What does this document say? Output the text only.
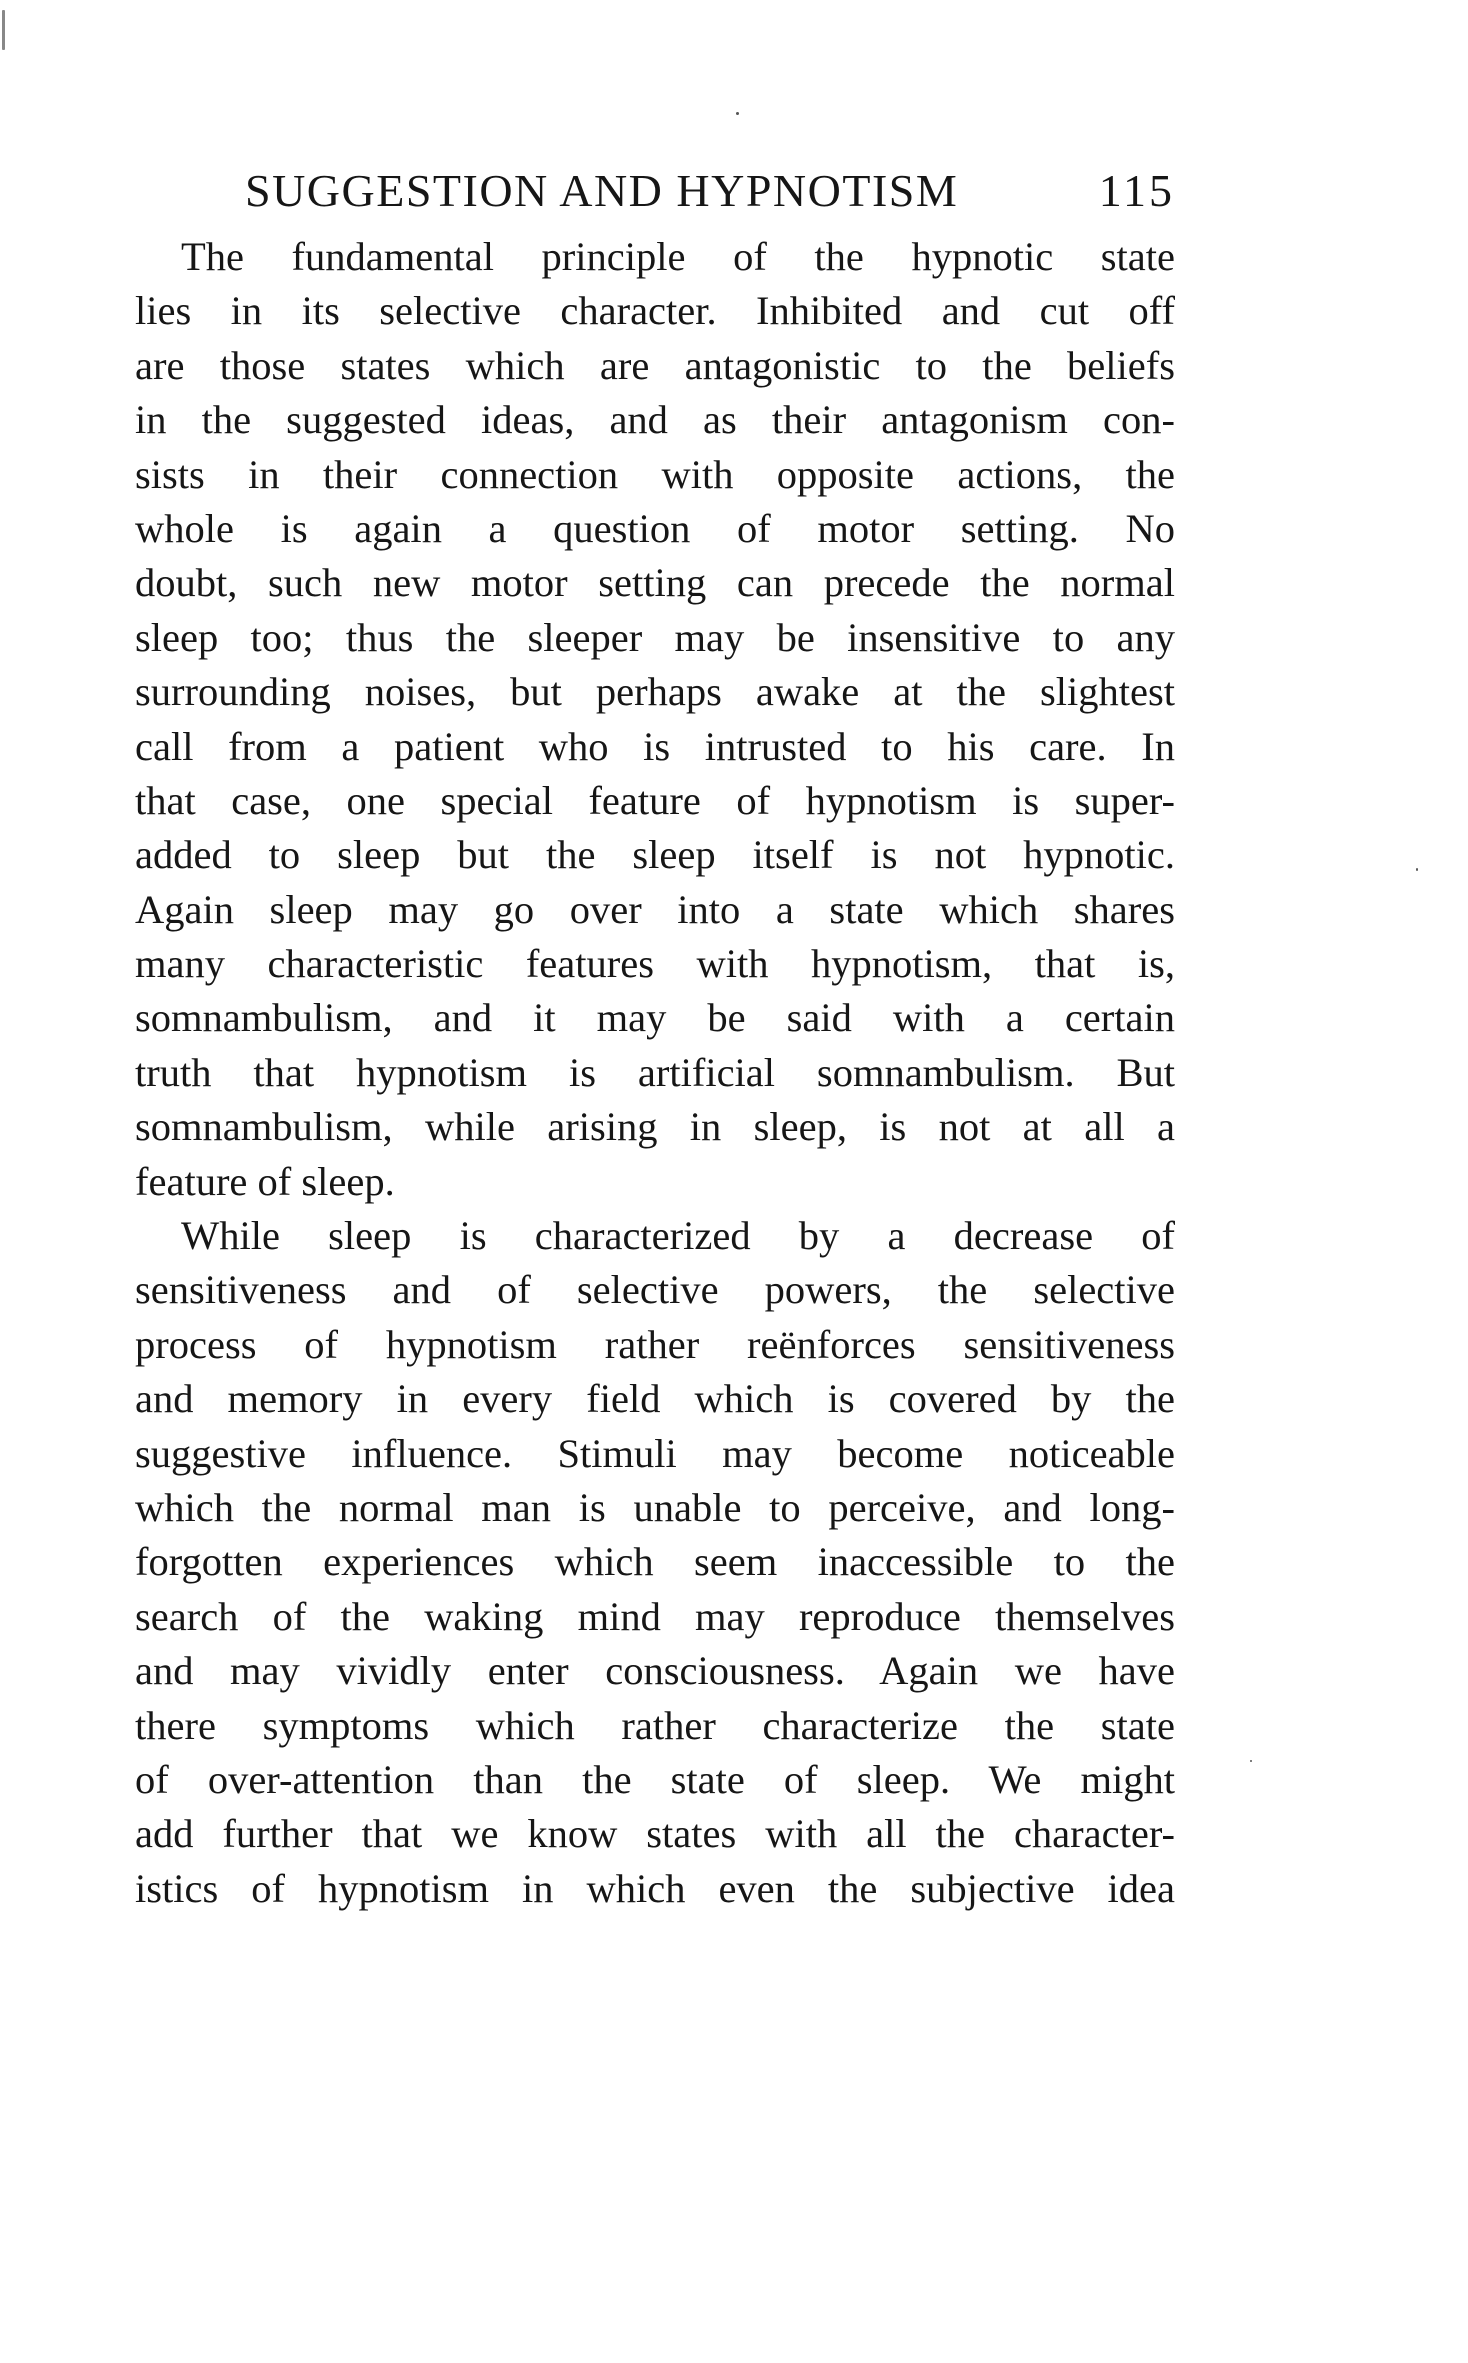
SUGGESTION AND HYPNOTISM	115

The fundamental principle of the hypnotic state
lies in its selective character. Inhibited and cut off
are those states which are antagonistic to the beliefs
in the suggested ideas, and as their antagonism con-
sists in their connection with opposite actions, the
whole is again a question of motor setting. No
doubt, such new motor setting can precede the normal
sleep too; thus the sleeper may be insensitive to any
surrounding noises, but perhaps awake at the slightest
call from a patient who is intrusted to his care. In
that case, one special feature of hypnotism is super-
added to sleep but the sleep itself is not hypnotic.
Again sleep may go over into a state which shares
many characteristic features with hypnotism, that is,
somnambulism, and it may be said with a certain
truth that hypnotism is artificial somnambulism. But
somnambulism, while arising in sleep, is not at all a
feature of sleep.

While sleep is characterized by a decrease of
sensitiveness and of selective powers, the selective
process of hypnotism rather reënforces sensitiveness
and memory in every field which is covered by the
suggestive influence. Stimuli may become noticeable
which the normal man is unable to perceive, and long-
forgotten experiences which seem inaccessible to the
search of the waking mind may reproduce themselves
and may vividly enter consciousness. Again we have
there symptoms which rather characterize the state
of over-attention than the state of sleep. We might
add further that we know states with all the character-
istics of hypnotism in which even the subjective idea
